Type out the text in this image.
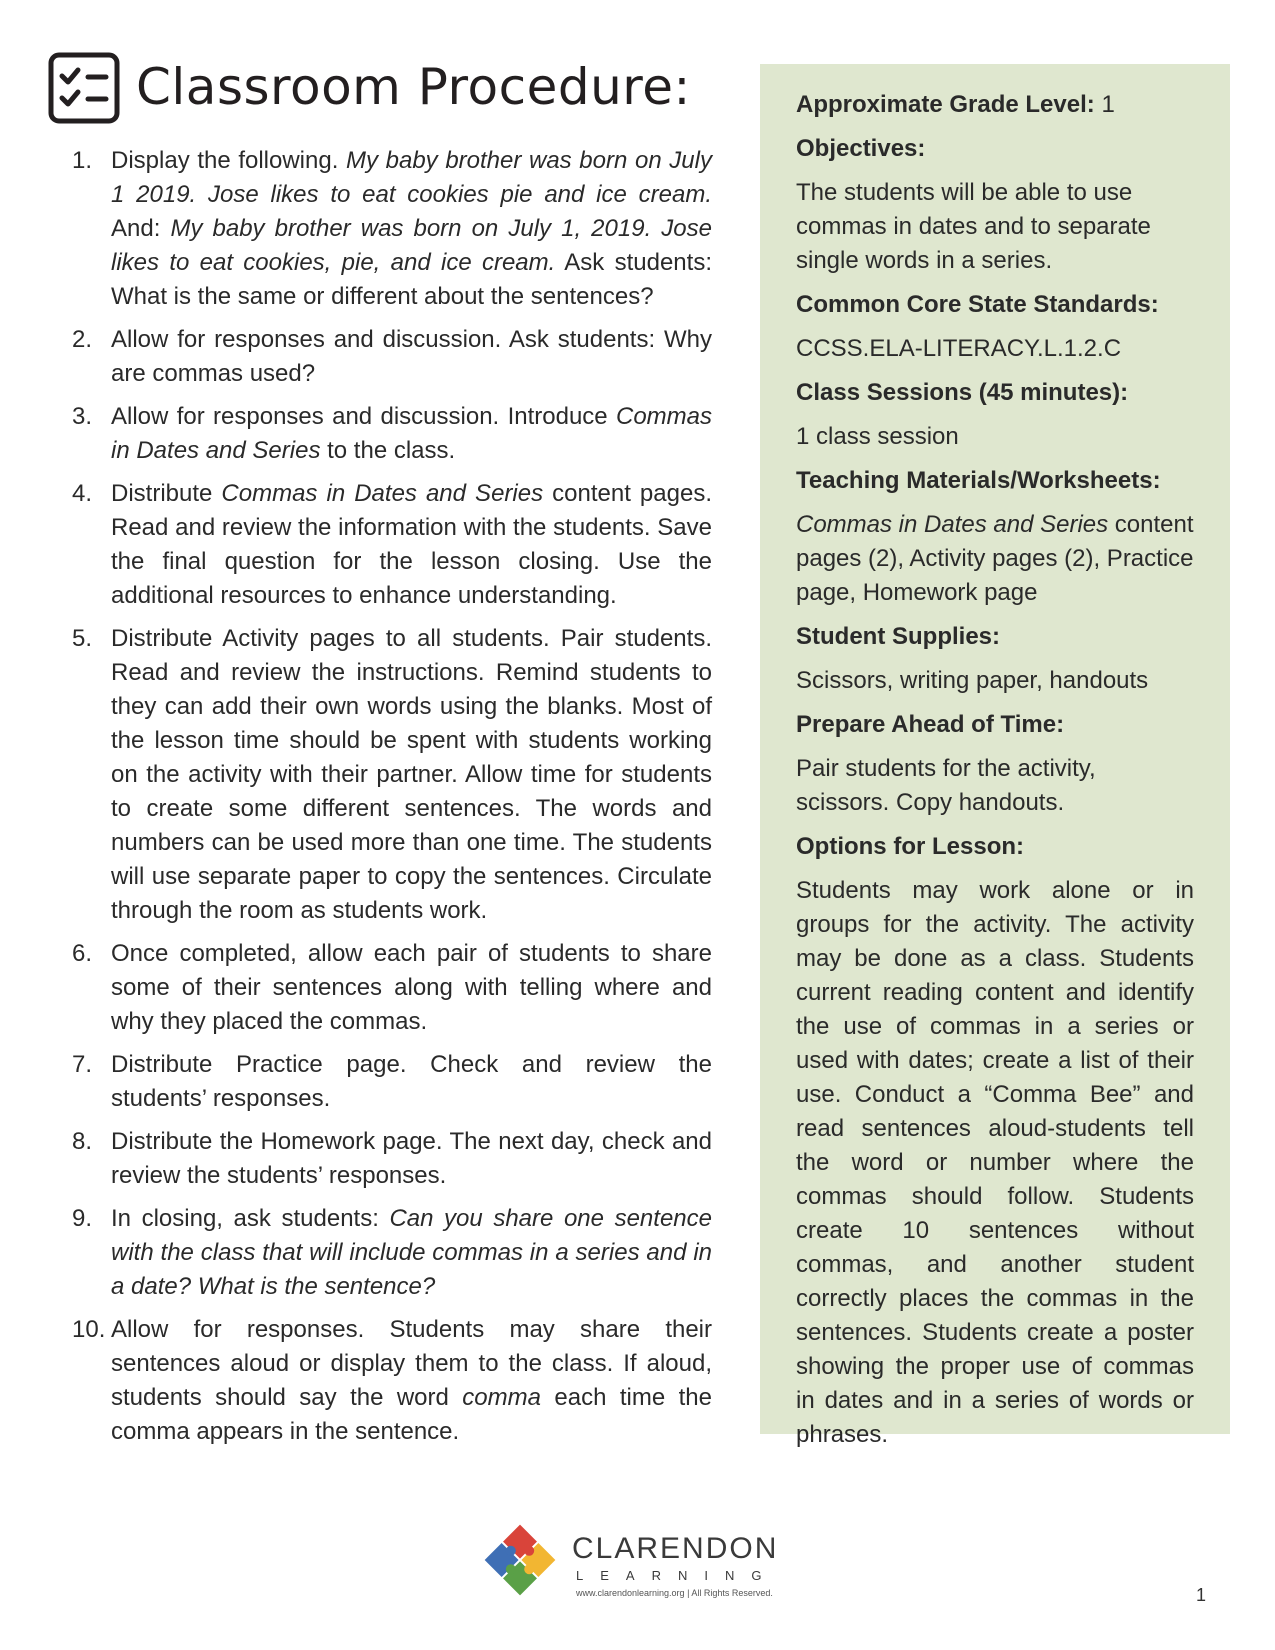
Classroom Procedure:
1. Display the following. My baby brother was born on July 1 2019. Jose likes to eat cookies pie and ice cream. And: My baby brother was born on July 1, 2019. Jose likes to eat cookies, pie, and ice cream. Ask students: What is the same or different about the sentences?
2. Allow for responses and discussion. Ask students: Why are commas used?
3. Allow for responses and discussion. Introduce Commas in Dates and Series to the class.
4. Distribute Commas in Dates and Series content pages. Read and review the information with the students. Save the final question for the lesson closing. Use the additional resources to enhance understanding.
5. Distribute Activity pages to all students. Pair students. Read and review the instructions. Remind students to they can add their own words using the blanks. Most of the lesson time should be spent with students working on the activity with their partner. Allow time for students to create some different sentences. The words and numbers can be used more than one time. The students will use separate paper to copy the sentences. Circulate through the room as students work.
6. Once completed, allow each pair of students to share some of their sentences along with telling where and why they placed the commas.
7. Distribute Practice page. Check and review the students’ responses.
8. Distribute the Homework page. The next day, check and review the students’ responses.
9. In closing, ask students: Can you share one sentence with the class that will include commas in a series and in a date? What is the sentence?
10. Allow for responses. Students may share their sentences aloud or display them to the class. If aloud, students should say the word comma each time the comma appears in the sentence.

Approximate Grade Level: 1

Objectives:

The students will be able to use commas in dates and to separate single words in a series.

Common Core State Standards:

CCSS.ELA-LITERACY.L.1.2.C

Class Sessions (45 minutes):

1 class session

Teaching Materials/Worksheets:

Commas in Dates and Series content pages (2), Activity pages (2), Practice page, Homework page

Student Supplies:

Scissors, writing paper, handouts

Prepare Ahead of Time:

Pair students for the activity, scissors. Copy handouts.

Options for Lesson:

Students may work alone or in groups for the activity. The activity may be done as a class. Students current reading content and identify the use of commas in a series or used with dates; create a list of their use. Conduct a “Comma Bee” and read sentences aloud-students tell the word or number where the commas should follow. Students create 10 sentences without commas, and another student correctly places the commas in the sentences. Students create a poster showing the proper use of commas in dates and in a series of words or phrases.

CLARENDON
LEARNING
www.clarendonlearning.org | All Rights Reserved.	1
